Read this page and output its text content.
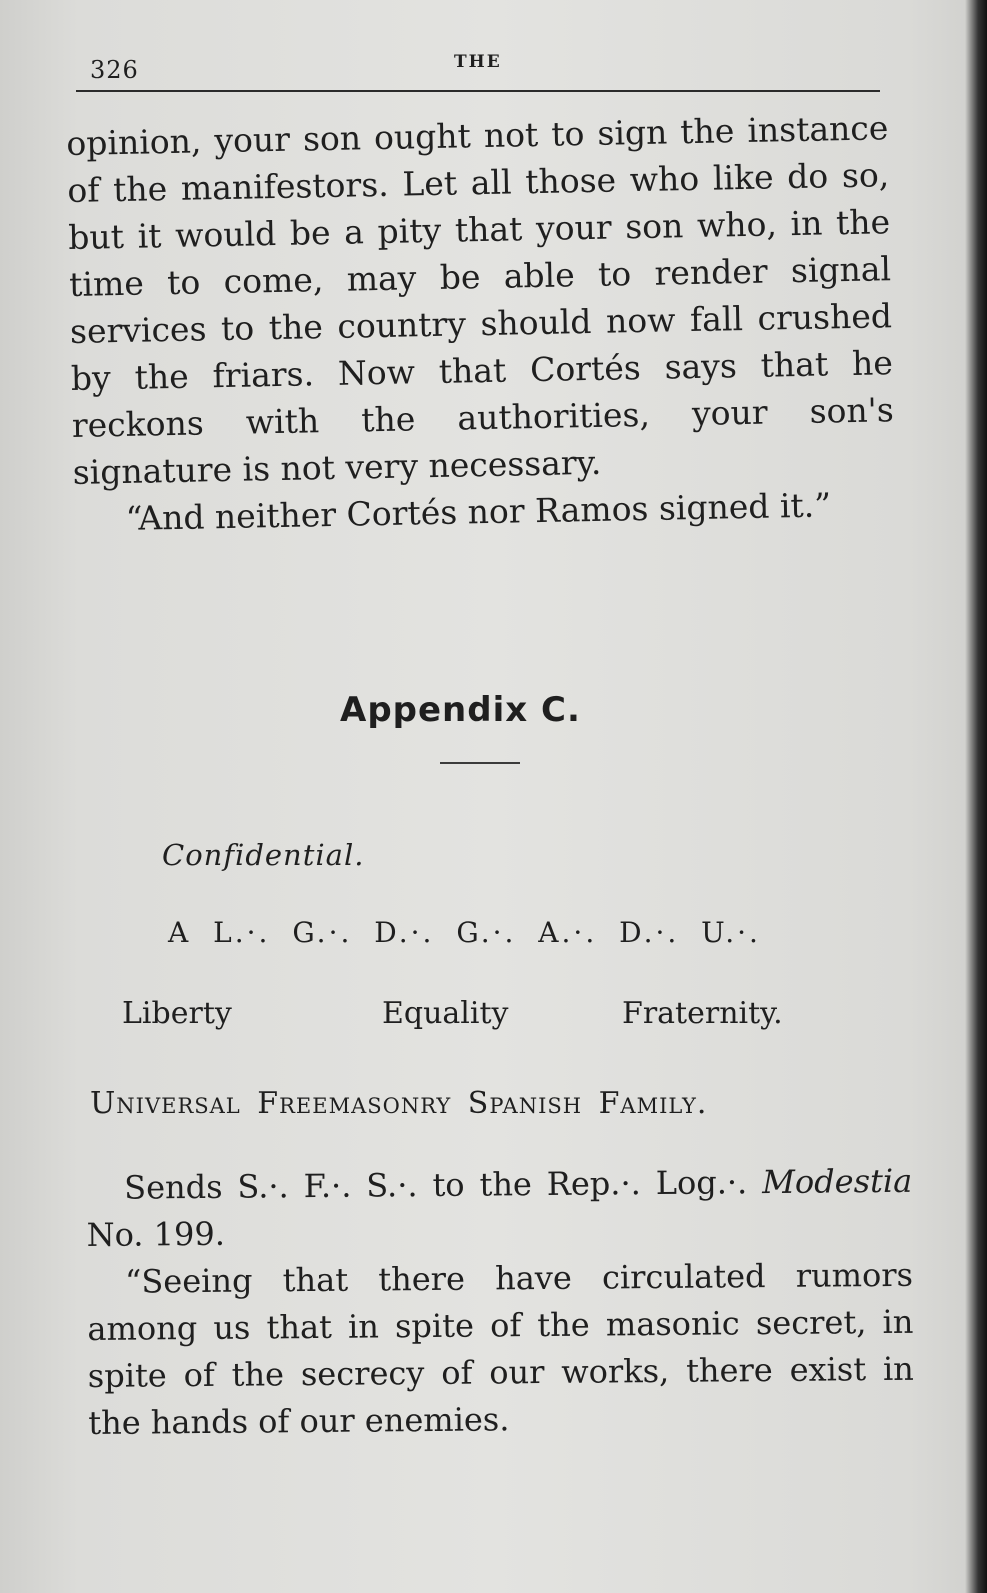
326	THE

opinion, your son ought not to sign the instance of the manifestors. Let all those who like do so, but it would be a pity that your son who, in the time to come, may be able to render signal services to the country should now fall crushed by the friars. Now that Cortés says that he reckons with the authorities, your son's signature is not very necessary.

“And neither Cortés nor Ramos signed it.”

Appendix C.
Confidential.
A L.·. G.·. D.·. G.·. A.·. D.·. U.·.
Liberty	Equality	Fraternity.
Universal Freemasonry Spanish Family.

Sends S.·. F.·. S.·. to the Rep.·. Log.·. Modestia No. 199.

“Seeing that there have circulated rumors among us that in spite of the masonic secret, in spite of the secrecy of our works, there exist in the hands of our enemies.
